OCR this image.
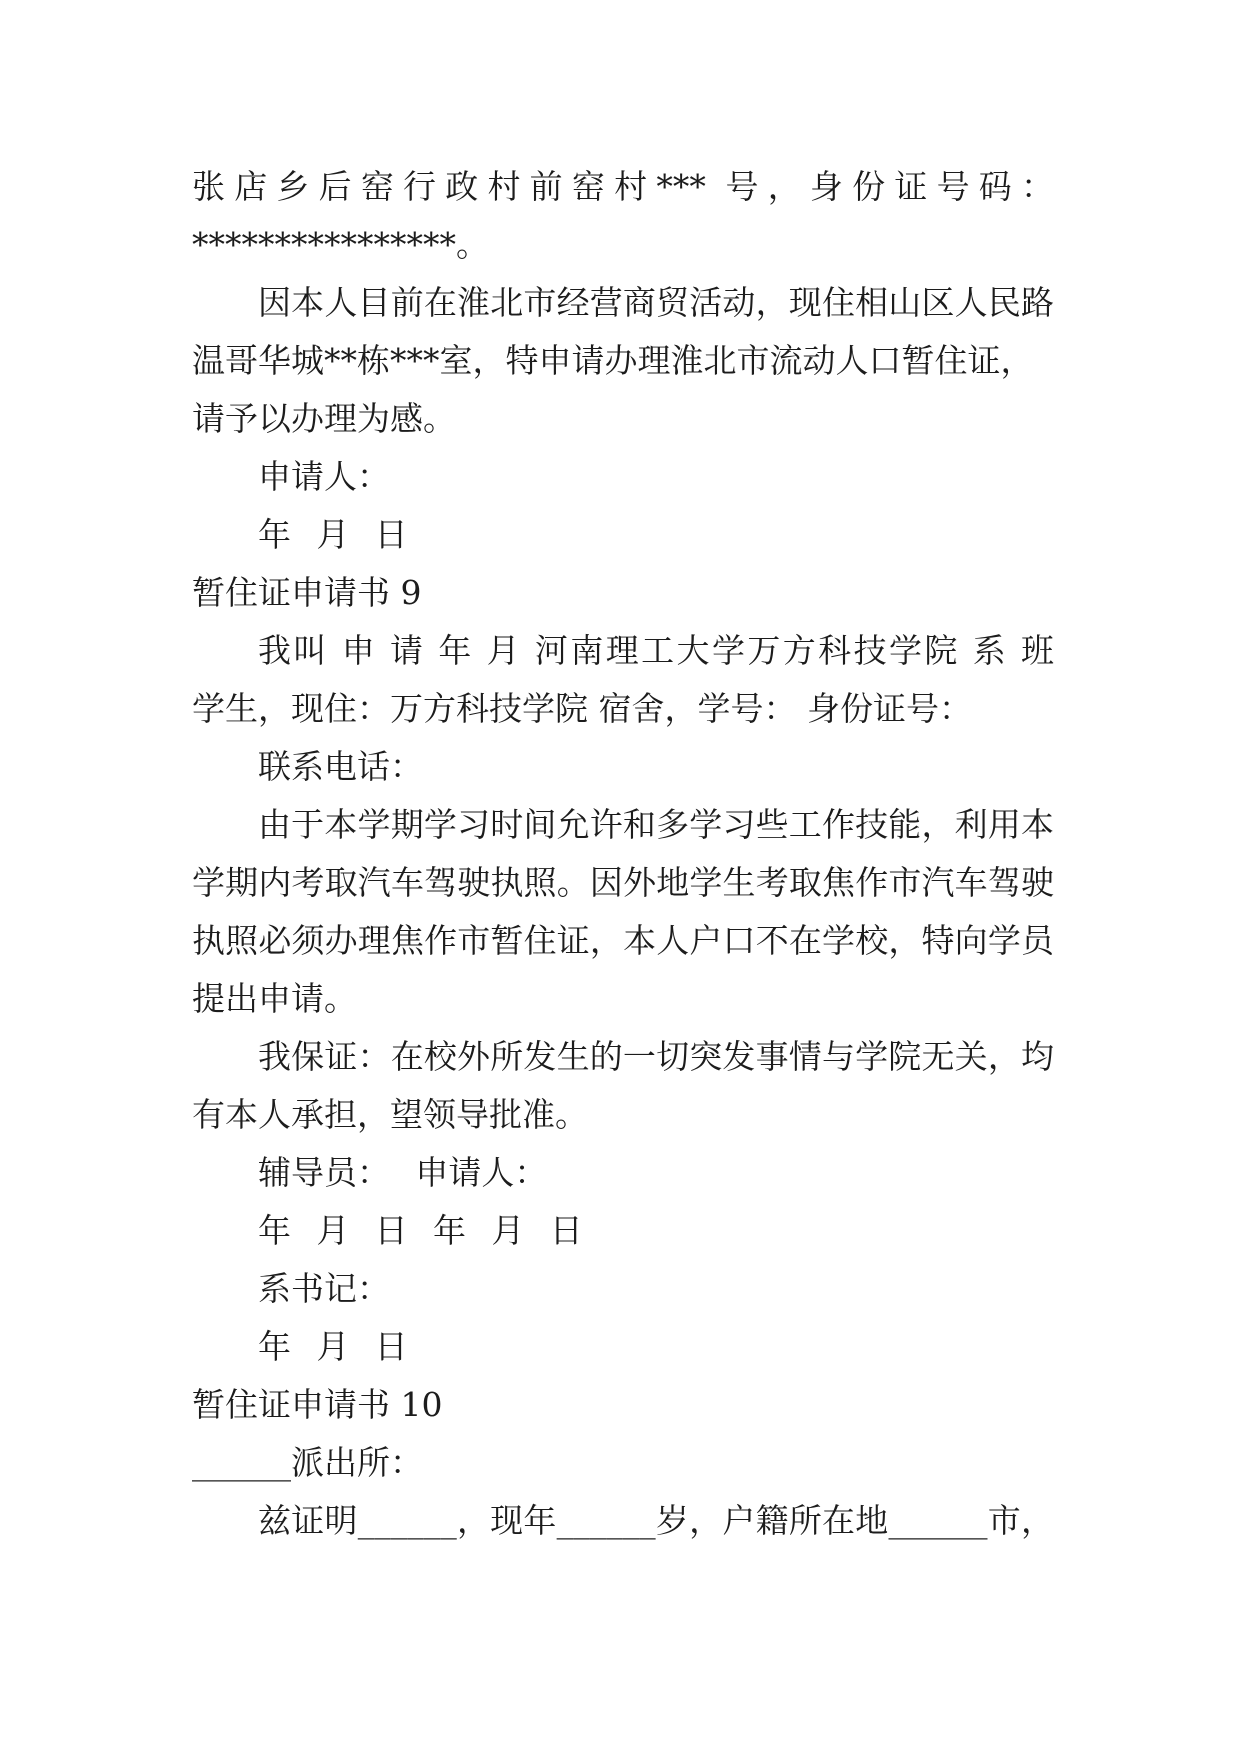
张店乡后窑行政村前窑村*** 号，身份证号码：
****************。
因本人目前在淮北市经营商贸活动，现住相山区人民路
温哥华城**栋***室，特申请办理淮北市流动人口暂住证，
请予以办理为感。
申请人：
年 月 日
暂住证申请书 9
我叫 申 请 年 月 河南理工大学万方科技学院 系 班
学生，现住：万方科技学院 宿舍，学号： 身份证号：
联系电话：
由于本学期学习时间允许和多学习些工作技能，利用本
学期内考取汽车驾驶执照。因外地学生考取焦作市汽车驾驶
执照必须办理焦作市暂住证，本人户口不在学校，特向学员
提出申请。
我保证：在校外所发生的一切突发事情与学院无关，均
有本人承担，望领导批准。
辅导员： 申请人：
年 月 日 年 月 日
系书记：
年 月 日
暂住证申请书 10
______派出所：
兹证明______，现年______岁，户籍所在地______市，
